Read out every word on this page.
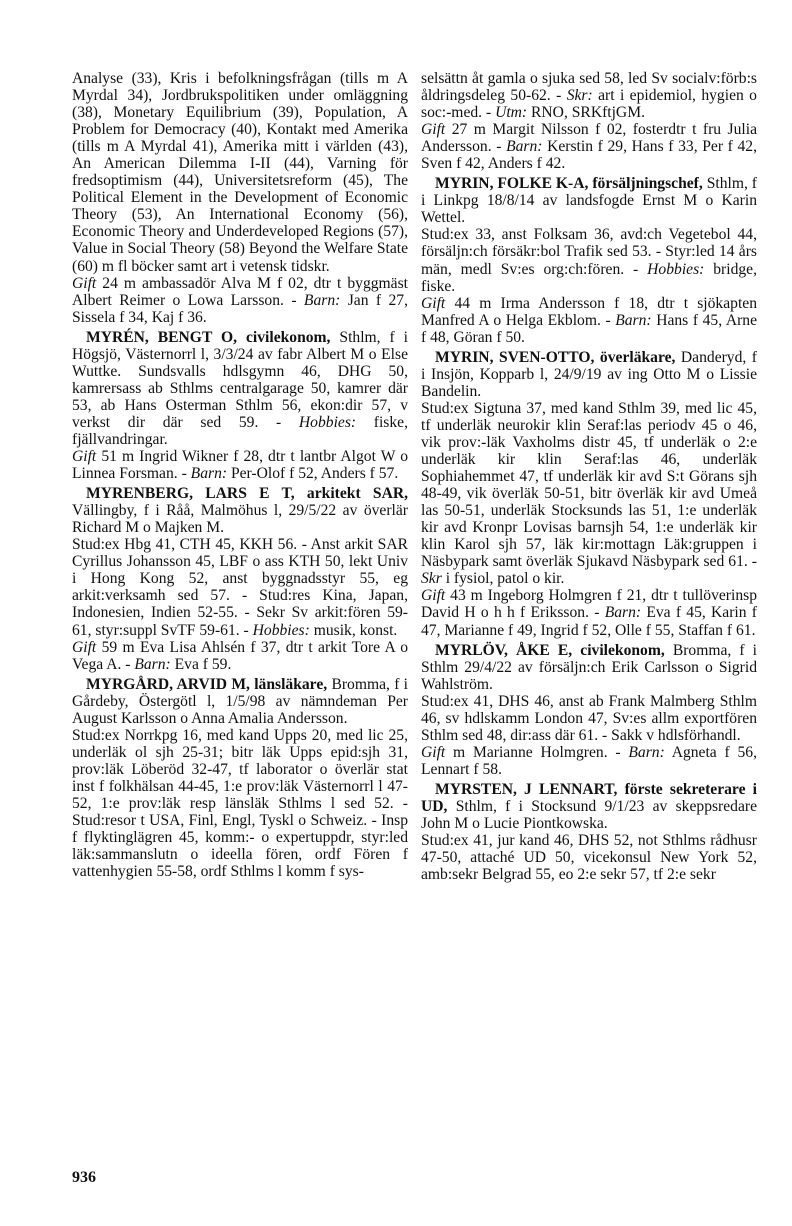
Analyse (33), Kris i befolkningsfrågan (tills m A Myrdal 34), Jordbrukspolitiken under omläggning (38), Monetary Equilibrium (39), Population, A Problem for Democracy (40), Kontakt med Amerika (tills m A Myrdal 41), Amerika mitt i världen (43), An American Dilemma I-II (44), Varning för fredsoptimism (44), Universitetsreform (45), The Political Element in the Development of Economic Theory (53), An International Economy (56), Economic Theory and Underdeveloped Regions (57), Value in Social Theory (58) Beyond the Welfare State (60) m fl böcker samt art i vetensk tidskr.

Gift 24 m ambassadör Alva M f 02, dtr t byggmäst Albert Reimer o Lowa Larsson. - Barn: Jan f 27, Sissela f 34, Kaj f 36.

MYRÉN, BENGT O, civilekonom, Sthlm, f i Högsjö, Västernorrl l, 3/3/24 av fabr Albert M o Else Wuttke. Sundsvalls hdlsgymn 46, DHG 50, kamrersass ab Sthlms centralgarage 50, kamrer där 53, ab Hans Osterman Sthlm 56, ekon:dir 57, v verkst dir där sed 59. - Hobbies: fiske, fjällvandringar.

Gift 51 m Ingrid Wikner f 28, dtr t lantbr Algot W o Linnea Forsman. - Barn: Per-Olof f 52, Anders f 57.

MYRENBERG, LARS E T, arkitekt SAR, Vällingby, f i Råå, Malmöhus l, 29/5/22 av överlär Richard M o Majken M.

Stud:ex Hbg 41, CTH 45, KKH 56. - Anst arkit SAR Cyrillus Johansson 45, LBF o ass KTH 50, lekt Univ i Hong Kong 52, anst byggnadsstyr 55, eg arkit:verksamh sed 57. - Stud:res Kina, Japan, Indonesien, Indien 52-55. - Sekr Sv arkit:fören 59-61, styr:suppl SvTF 59-61. - Hobbies: musik, konst.

Gift 59 m Eva Lisa Ahlsén f 37, dtr t arkit Tore A o Vega A. - Barn: Eva f 59.

MYRGÅRD, ARVID M, länsläkare, Bromma, f i Gårdeby, Östergötl l, 1/5/98 av nämndeman Per August Karlsson o Anna Amalia Andersson.

Stud:ex Norrkpg 16, med kand Upps 20, med lic 25, underläk ol sjh 25-31; bitr läk Upps epid:sjh 31, prov:läk Löberöd 32-47, tf laborator o överlär stat inst f folkhälsan 44-45, 1:e prov:läk Västernorrl l 47-52, 1:e prov:läk resp länsläk Sthlms l sed 52. - Stud:resor t USA, Finl, Engl, Tyskl o Schweiz. - Insp f flyktinglägren 45, komm:- o expertuppdr, styr:led läk:sammanslutn o ideella fören, ordf Fören f vattenhygien 55-58, ordf Sthlms l komm f sys-

selsättn åt gamla o sjuka sed 58, led Sv socialv:förb:s åldringsdeleg 50-62. - Skr: art i epidemiol, hygien o soc:-med. - Utm: RNO, SRKftjGM.

Gift 27 m Margit Nilsson f 02, fosterdtr t fru Julia Andersson. - Barn: Kerstin f 29, Hans f 33, Per f 42, Sven f 42, Anders f 42.

MYRIN, FOLKE K-A, försäljningschef, Sthlm, f i Linkpg 18/8/14 av landsfogde Ernst M o Karin Wettel.

Stud:ex 33, anst Folksam 36, avd:ch Vegetebol 44, försäljn:ch försäkr:bol Trafik sed 53. - Styr:led 14 års män, medl Sv:es org:ch:fören. - Hobbies: bridge, fiske.

Gift 44 m Irma Andersson f 18, dtr t sjökapten Manfred A o Helga Ekblom. - Barn: Hans f 45, Arne f 48, Göran f 50.

MYRIN, SVEN-OTTO, överläkare, Danderyd, f i Insjön, Kopparb l, 24/9/19 av ing Otto M o Lissie Bandelin.

Stud:ex Sigtuna 37, med kand Sthlm 39, med lic 45, tf underläk neurokir klin Seraf:las periodv 45 o 46, vik prov:-läk Vaxholms distr 45, tf underläk o 2:e underläk kir klin Seraf:las 46, underläk Sophiahemmet 47, tf underläk kir avd S:t Görans sjh 48-49, vik överläk 50-51, bitr överläk kir avd Umeå las 50-51, underläk Stocksunds las 51, 1:e underläk kir avd Kronpr Lovisas barnsjh 54, 1:e underläk kir klin Karol sjh 57, läk kir:mottagn Läk:gruppen i Näsbypark samt överläk Sjukavd Näsbypark sed 61. - Skr i fysiol, patol o kir.

Gift 43 m Ingeborg Holmgren f 21, dtr t tullöverinsp David H o h h f Eriksson. - Barn: Eva f 45, Karin f 47, Marianne f 49, Ingrid f 52, Olle f 55, Staffan f 61.

MYRLÖV, ÅKE E, civilekonom, Bromma, f i Sthlm 29/4/22 av försäljn:ch Erik Carlsson o Sigrid Wahlström.

Stud:ex 41, DHS 46, anst ab Frank Malmberg Sthlm 46, sv hdlskamm London 47, Sv:es allm exportfören Sthlm sed 48, dir:ass där 61. - Sakk v hdlsförhandl.

Gift m Marianne Holmgren. - Barn: Agneta f 56, Lennart f 58.

MYRSTEN, J LENNART, förste sekreterare i UD, Sthlm, f i Stocksund 9/1/23 av skeppsredare John M o Lucie Piontkowska.

Stud:ex 41, jur kand 46, DHS 52, not Sthlms rådhusr 47-50, attaché UD 50, vicekonsul New York 52, amb:sekr Belgrad 55, eo 2:e sekr 57, tf 2:e sekr

936
